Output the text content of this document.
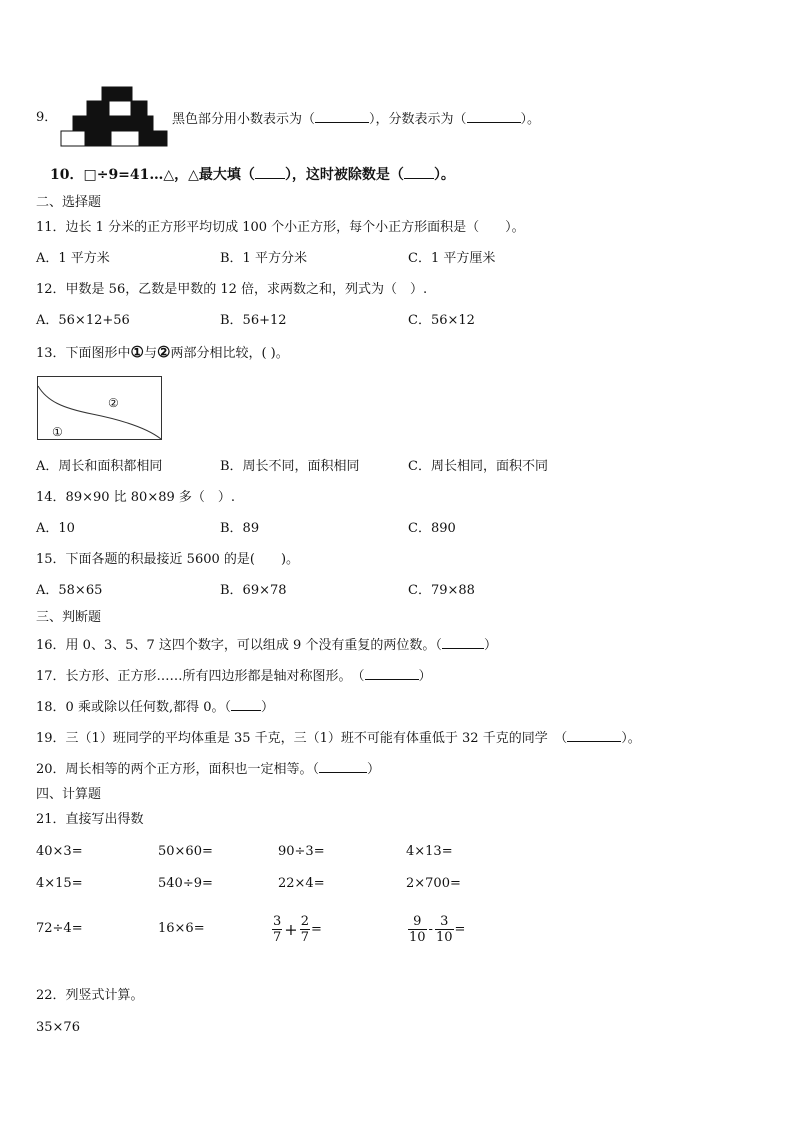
9．	黑色部分用小数表示为（	），分数表示为（	）。
10．□÷9=41…△，△最大填（ ），这时被除数是（ ）。
二、选择题
11．边长 1 分米的正方形平均切成 100 个小正方形，每个小正方形面积是（　　）。
A．1 平方米	B．1 平方分米	C．1 平方厘米
12．甲数是 56，乙数是甲数的 12 倍，求两数之和，列式为（　）.
A．56×12+56	B．56+12	C．56×12
13．下面图形中①与②两部分相比较，( )。
②
①
A．周长和面积都相同	B．周长不同，面积相同	C．周长相同，面积不同
14．89×90 比 80×89 多（　）.
A．10	B．89	C．890
15．下面各题的积最接近 5600 的是(　　)。
A．58×65	B．69×78	C．79×88
三、判断题
16．用 0、3、5、7 这四个数字，可以组成 9 个没有重复的两位数。（	）
17．长方形、正方形……所有四边形都是轴对称图形。　（	）
18．0 乘或除以任何数,都得 0。（ ）
19．三（1）班同学的平均体重是 35 千克，三（1）班不可能有体重低于 32 千克的同学　（	）。
20．周长相等的两个正方形，面积也一定相等。（	）
四、计算题
21．直接写出得数
40×3=	50×60=	90÷3=	4×13=
4×15=	540÷9=	22×4=	2×700=
72÷4=	16×6=	$\frac{3}{7} + \frac{2}{7}$ =	$\frac{9}{10} - \frac{3}{10}$ =
22．列竖式计算。
35×76
